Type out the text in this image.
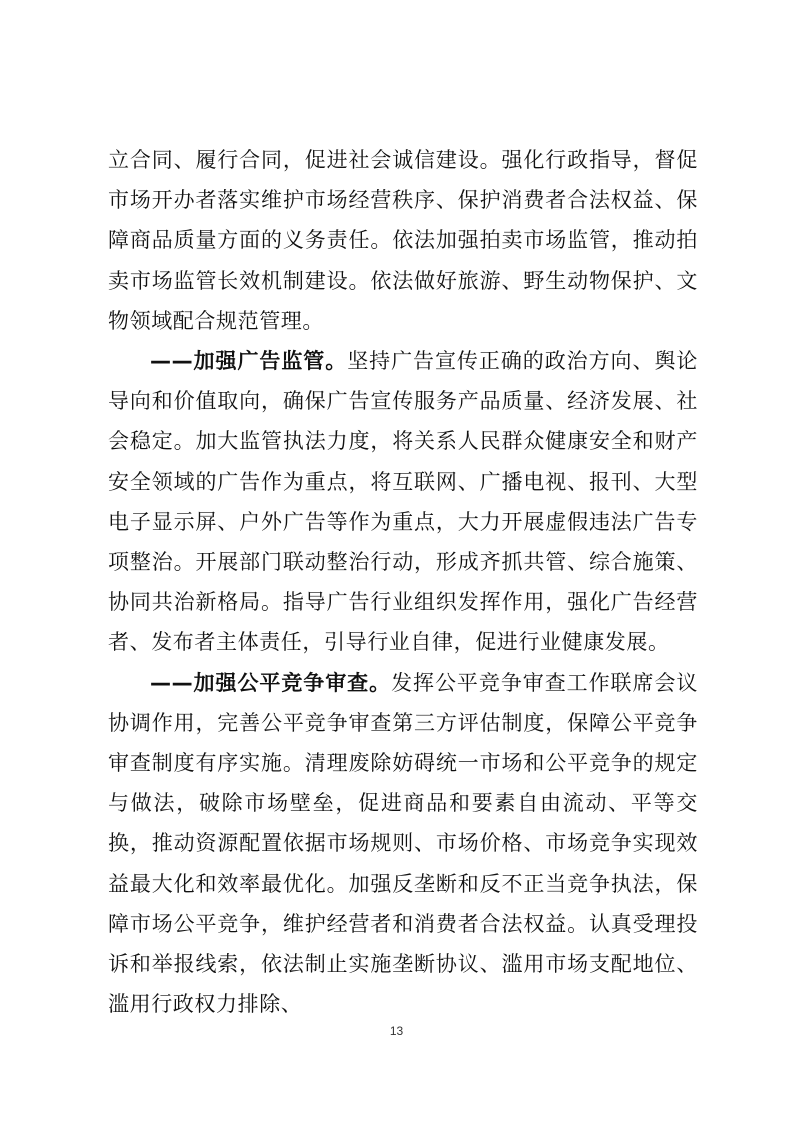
立合同、履行合同，促进社会诚信建设。强化行政指导，督促市场开办者落实维护市场经营秩序、保护消费者合法权益、保障商品质量方面的义务责任。依法加强拍卖市场监管，推动拍卖市场监管长效机制建设。依法做好旅游、野生动物保护、文物领域配合规范管理。

——加强广告监管。坚持广告宣传正确的政治方向、舆论导向和价值取向，确保广告宣传服务产品质量、经济发展、社会稳定。加大监管执法力度，将关系人民群众健康安全和财产安全领域的广告作为重点，将互联网、广播电视、报刊、大型电子显示屏、户外广告等作为重点，大力开展虚假违法广告专项整治。开展部门联动整治行动，形成齐抓共管、综合施策、协同共治新格局。指导广告行业组织发挥作用，强化广告经营者、发布者主体责任，引导行业自律，促进行业健康发展。

——加强公平竞争审查。发挥公平竞争审查工作联席会议协调作用，完善公平竞争审查第三方评估制度，保障公平竞争审查制度有序实施。清理废除妨碍统一市场和公平竞争的规定与做法，破除市场壁垒，促进商品和要素自由流动、平等交换，推动资源配置依据市场规则、市场价格、市场竞争实现效益最大化和效率最优化。加强反垄断和反不正当竞争执法，保障市场公平竞争，维护经营者和消费者合法权益。认真受理投诉和举报线索，依法制止实施垄断协议、滥用市场支配地位、滥用行政权力排除、

13
